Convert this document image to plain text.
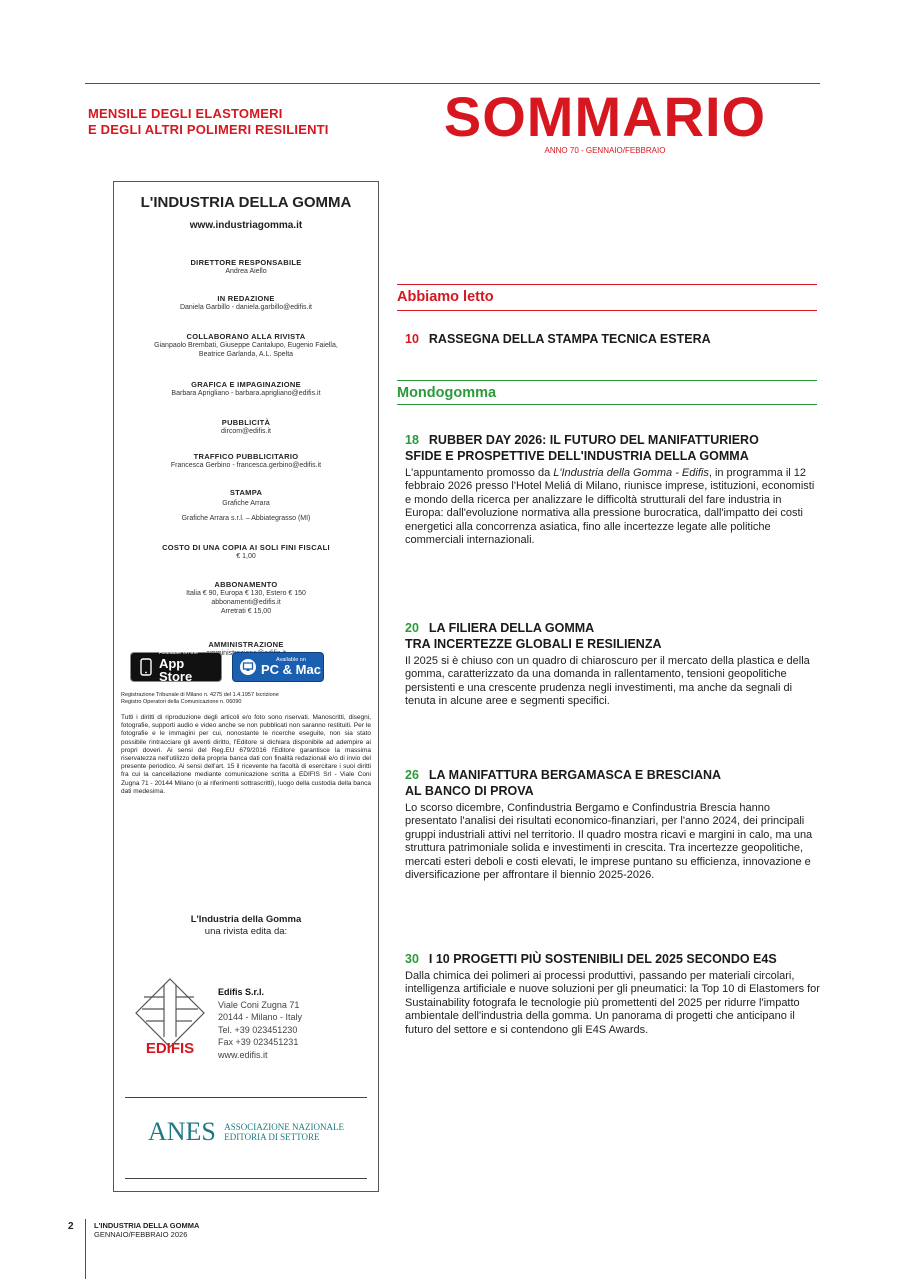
MENSILE DEGLI ELASTOMERI
E DEGLI ALTRI POLIMERI RESILIENTI	SOMMARIO
ANNO 70 - GENNAIO/FEBBRAIO
L'INDUSTRIA DELLA GOMMA
www.industriagomma.it
DIRETTORE RESPONSABILE
Andrea Aiello
IN REDAZIONE
Daniela Garbillo - daniela.garbillo@edifis.it
COLLABORANO ALLA RIVISTA
Gianpaolo Brembati, Giuseppe Cantalupo, Eugenio Faiella,
Beatrice Garlanda, A.L. Spelta
GRAFICA E IMPAGINAZIONE
Barbara Aprigliano - barbara.aprigliano@edifis.it
PUBBLICITÀ
dircom@edifis.it
TRAFFICO PUBBLICITARIO
Francesca Gerbino - francesca.gerbino@edifis.it
STAMPA
Grafiche Arrara
Grafiche Arrara s.r.l. – Abbiategrasso (MI)
COSTO DI UNA COPIA AI SOLI FINI FISCALI
€ 1,00
ABBONAMENTO
Italia € 90, Europa € 130, Estero € 150
abbonamenti@edifis.it
Arretrati € 15,00
AMMINISTRAZIONE
Available on the
App Store
Available on
PC & Mac
Registrazione Tribunale di Milano n. 4275 del 1.4.1957 Iscrizione
Registro Operatori della Comunicazione n. 06090
Tutti i diritti di riproduzione degli articoli e/o foto sono riservati. Manoscritti, disegni, fotografie, supporti audio e video anche se non pubblicati non saranno restituiti. Per le fotografie e le immagini per cui, nonostante le ricerche eseguite, non sia stato possibile rintracciare gli aventi diritto, l'Editore si dichiara disponibile ad adempire ai propri doveri. Ai sensi del Reg.EU 679/2016 l'Editore garantisce la massima riservatezza nell'utilizzo della propria banca dati con finalità redazionali e/o di invio del presente periodico. Ai sensi dell'art. 15 il ricevente ha facoltà di esercitare i suoi diritti fra cui la cancellazione mediante comunicazione scritta a EDIFIS Srl - Viale Coni Zugna 71 - 20144 Milano (o ai riferimenti sottrascritti), luogo della custodia della banca dati medesima.
L'Industria della Gomma
una rivista edita da:
EDIFIS
Edifis S.r.l.
Viale Coni Zugna 71
20144 - Milano - Italy
Tel. +39 023451230
Fax +39 023451231
www.edifis.it
ANES ASSOCIAZIONE NAZIONALE
EDITORIA DI SETTORE
Abbiamo letto
10 RASSEGNA DELLA STAMPA TECNICA ESTERA
Mondogomma
18 RUBBER DAY 2026: IL FUTURO DEL MANIFATTURIERO
SFIDE E PROSPETTIVE DELL'INDUSTRIA DELLA GOMMA
L'appuntamento promosso da L'Industria della Gomma - Edifis, in programma il 12 febbraio 2026 presso l'Hotel Meliá di Milano, riunisce imprese, istituzioni, economisti e mondo della ricerca per analizzare le difficoltà strutturali del fare industria in Europa: dall'evoluzione normativa alla pressione burocratica, dall'impatto dei costi energetici alla concorrenza asiatica, fino alle incertezze legate alle politiche commerciali internazionali.
20 LA FILIERA DELLA GOMMA
TRA INCERTEZZE GLOBALI E RESILIENZA
Il 2025 si è chiuso con un quadro di chiaroscuro per il mercato della plastica e della gomma, caratterizzato da una domanda in rallentamento, tensioni geopolitiche persistenti e una crescente prudenza negli investimenti, ma anche da segnali di tenuta in alcune aree e segmenti specifici.
26 LA MANIFATTURA BERGAMASCA E BRESCIANA
AL BANCO DI PROVA
Lo scorso dicembre, Confindustria Bergamo e Confindustria Brescia hanno presentato l'analisi dei risultati economico-finanziari, per l'anno 2024, dei principali gruppi industriali attivi nel territorio. Il quadro mostra ricavi e margini in calo, ma una struttura patrimoniale solida e investimenti in crescita. Tra incertezze geopolitiche, mercati esteri deboli e costi elevati, le imprese puntano su efficienza, innovazione e diversificazione per affrontare il biennio 2025-2026.
30 I 10 PROGETTI PIÙ SOSTENIBILI DEL 2025 SECONDO E4S
Dalla chimica dei polimeri ai processi produttivi, passando per materiali circolari, intelligenza artificiale e nuove soluzioni per gli pneumatici: la Top 10 di Elastomers for Sustainability fotografa le tecnologie più promettenti del 2025 per ridurre l'impatto ambientale dell'industria della gomma. Un panorama di progetti che anticipano il futuro del settore e si contendono gli E4S Awards.
2	L'INDUSTRIA DELLA GOMMA
GENNAIO/FEBBRAIO 2026
